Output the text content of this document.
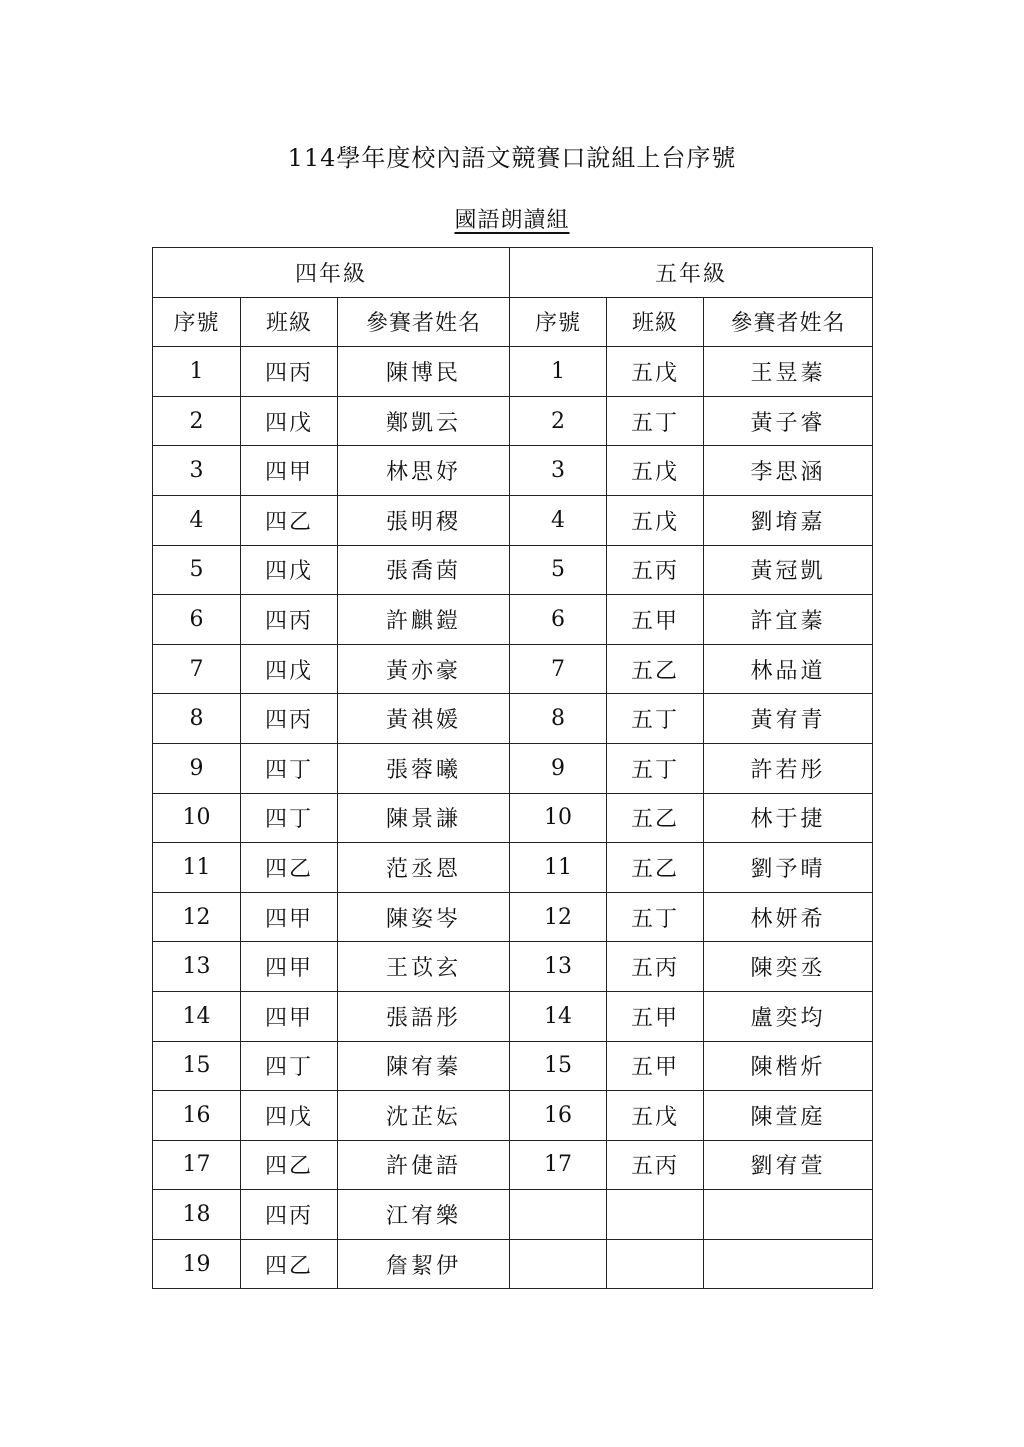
114學年度校內語文競賽口說組上台序號
國語朗讀組
四年級			五年級		
序號	班級	參賽者姓名	序號	班級	參賽者姓名
1	四丙	陳博民	1	五戊	王昱蓁
2	四戊	鄭凱云	2	五丁	黃子睿
3	四甲	林思妤	3	五戊	李思涵
4	四乙	張明稷	4	五戊	劉堉嘉
5	四戊	張喬茵	5	五丙	黃冠凱
6	四丙	許麒鎧	6	五甲	許宜蓁
7	四戊	黃亦豪	7	五乙	林品道
8	四丙	黃祺媛	8	五丁	黃宥青
9	四丁	張蓉曦	9	五丁	許若彤
10	四丁	陳景謙	10	五乙	林于捷
11	四乙	范丞恩	11	五乙	劉予晴
12	四甲	陳姿岑	12	五丁	林妍希
13	四甲	王苡玄	13	五丙	陳奕丞
14	四甲	張語彤	14	五甲	盧奕均
15	四丁	陳宥蓁	15	五甲	陳楷炘
16	四戊	沈芷妘	16	五戊	陳萱庭
17	四乙	許倢語	17	五丙	劉宥萱
18	四丙	江宥樂			
19	四乙	詹絜伊			
